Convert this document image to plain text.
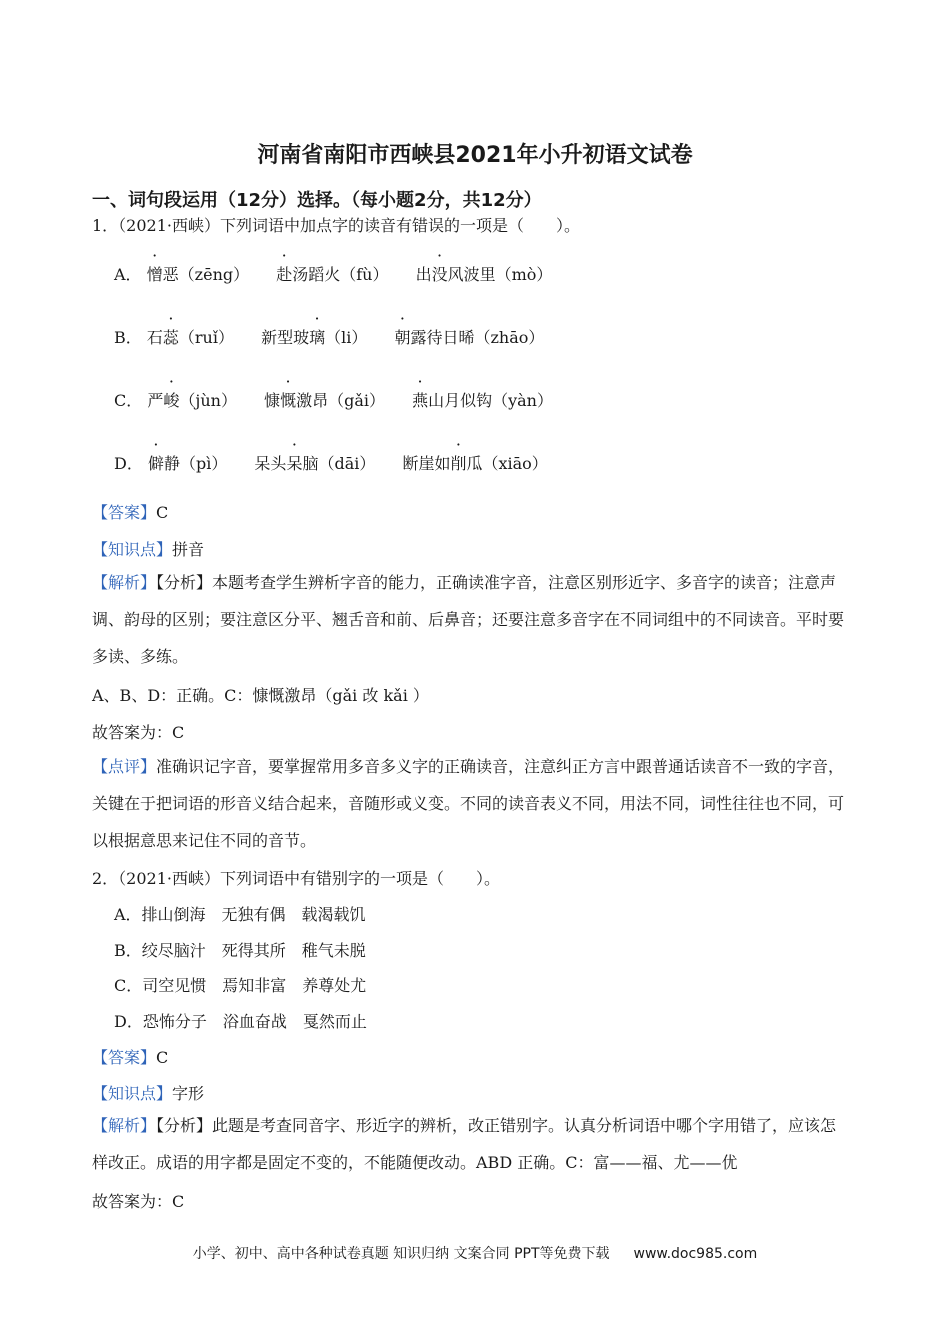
河南省南阳市西峡县2021年小升初语文试卷
一、词句段运用（12分）选择。（每小题2分，共12分）
1．（2021·西峡）下列词语中加点字的读音有错误的一项是（　　）。
A． 憎恶（zēng） 赴汤蹈火（fù） 出没风波里（mò）
B． 石蕊（ruǐ） 新型玻璃（li） 朝露待日晞（zhāo）
C． 严峻（jùn） 慷慨激昂（gǎi） 燕山月似钩（yàn）
D． 僻静（pì） 呆头呆脑（dāi） 断崖如削瓜（xiāo）
【答案】C
【知识点】拼音
【解析】【分析】本题考查学生辨析字音的能力，正确读准字音，注意区别形近字、多音字的读音；注意声调、韵母的区别；要注意区分平、翘舌音和前、后鼻音；还要注意多音字在不同词组中的不同读音。平时要多读、多练。
A、B、D：正确。C：慷慨激昂（gǎi 改 kǎi ）
故答案为：C
【点评】准确识记字音，要掌握常用多音多义字的正确读音，注意纠正方言中跟普通话读音不一致的字音，关键在于把词语的形音义结合起来，音随形或义变。不同的读音表义不同，用法不同，词性往往也不同，可以根据意思来记住不同的音节。
2．（2021·西峡）下列词语中有错别字的一项是（　　）。
A．排山倒海　无独有偶　载渴载饥
B．绞尽脑汁　死得其所　稚气未脱
C．司空见惯　焉知非富　养尊处尤
D．恐怖分子　浴血奋战　戛然而止
【答案】C
【知识点】字形
【解析】【分析】此题是考查同音字、形近字的辨析，改正错别字。认真分析词语中哪个字用错了，应该怎样改正。成语的用字都是固定不变的，不能随便改动。ABD 正确。C：富——福、尤——优
故答案为：C
小学、初中、高中各种试卷真题 知识归纳 文案合同 PPT等免费下载 www.doc985.com
